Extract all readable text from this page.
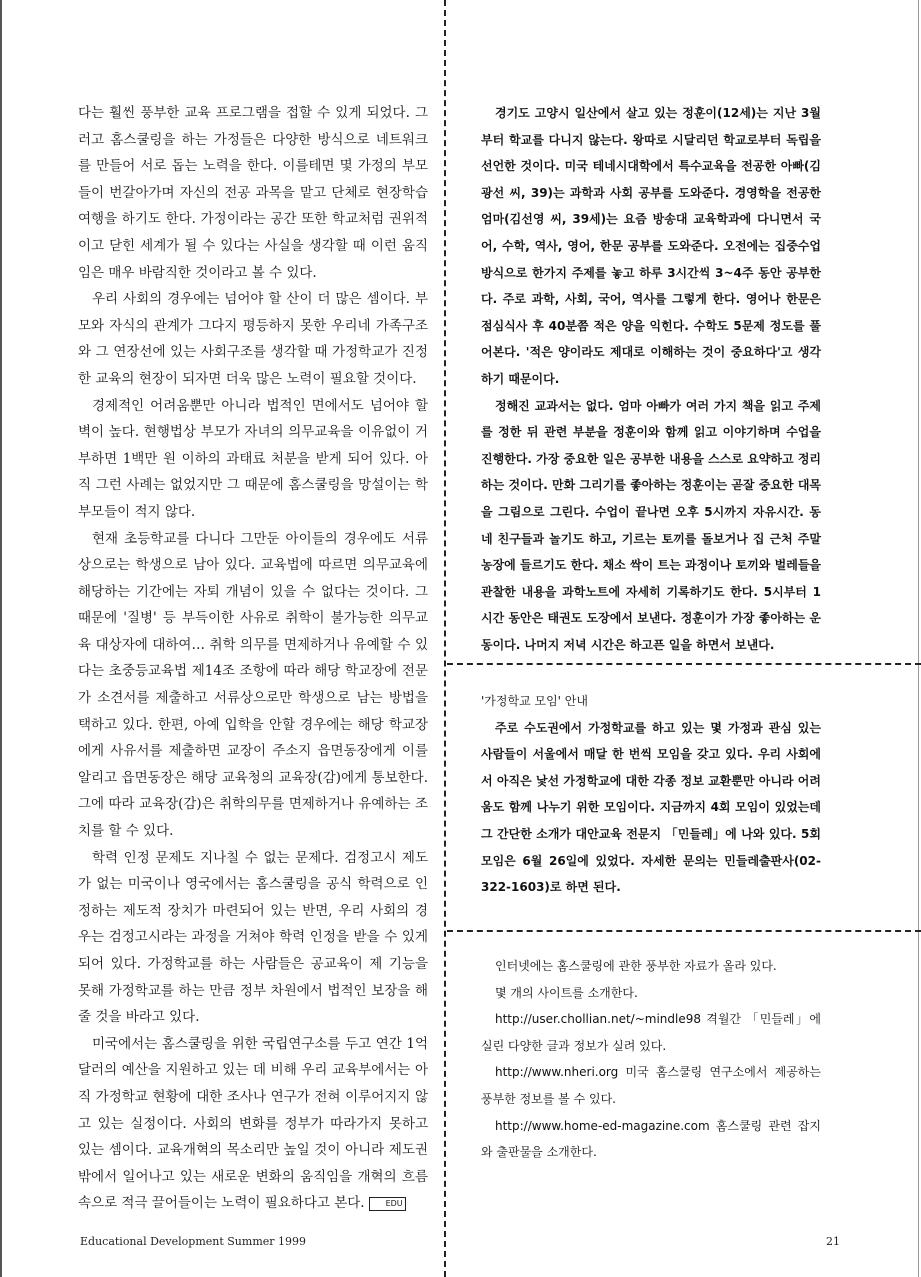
다는 훨씬 풍부한 교육 프로그램을 접할 수 있게 되었다. 그러고 홈스쿨링을 하는 가정들은 다양한 방식으로 네트워크를 만들어 서로 돕는 노력을 한다. 이를테면 몇 가정의 부모들이 번갈아가며 자신의 전공 과목을 맡고 단체로 현장학습 여행을 하기도 한다. 가정이라는 공간 또한 학교처럼 권위적이고 닫힌 세계가 될 수 있다는 사실을 생각할 때 이런 움직임은 매우 바람직한 것이라고 볼 수 있다.

우리 사회의 경우에는 넘어야 할 산이 더 많은 셈이다. 부모와 자식의 관계가 그다지 평등하지 못한 우리네 가족구조와 그 연장선에 있는 사회구조를 생각할 때 가정학교가 진정한 교육의 현장이 되자면 더욱 많은 노력이 필요할 것이다.

경제적인 어려움뿐만 아니라 법적인 면에서도 넘어야 할 벽이 높다. 현행법상 부모가 자녀의 의무교육을 이유없이 거부하면 1백만 원 이하의 과태료 처분을 받게 되어 있다. 아직 그런 사례는 없었지만 그 때문에 홈스쿨링을 망설이는 학부모들이 적지 않다.

현재 초등학교를 다니다 그만둔 아이들의 경우에도 서류상으로는 학생으로 남아 있다. 교육법에 따르면 의무교육에 해당하는 기간에는 자퇴 개념이 있을 수 없다는 것이다. 그 때문에 '질병' 등 부득이한 사유로 취학이 불가능한 의무교육 대상자에 대하여… 취학 의무를 면제하거나 유예할 수 있다는 초중등교육법 제14조 조항에 따라 해당 학교장에 전문가 소견서를 제출하고 서류상으로만 학생으로 남는 방법을 택하고 있다. 한편, 아예 입학을 안할 경우에는 해당 학교장에게 사유서를 제출하면 교장이 주소지 읍면동장에게 이를 알리고 읍면동장은 해당 교육청의 교육장(감)에게 통보한다. 그에 따라 교육장(감)은 취학의무를 면제하거나 유예하는 조치를 할 수 있다.

학력 인정 문제도 지나칠 수 없는 문제다. 검정고시 제도가 없는 미국이나 영국에서는 홈스쿨링을 공식 학력으로 인정하는 제도적 장치가 마련되어 있는 반면, 우리 사회의 경우는 검정고시라는 과정을 거쳐야 학력 인정을 받을 수 있게 되어 있다. 가정학교를 하는 사람들은 공교육이 제 기능을 못해 가정학교를 하는 만큼 정부 차원에서 법적인 보장을 해줄 것을 바라고 있다.

미국에서는 홈스쿨링을 위한 국립연구소를 두고 연간 1억달러의 예산을 지원하고 있는 데 비해 우리 교육부에서는 아직 가정학교 현황에 대한 조사나 연구가 전혀 이루어지지 않고 있는 실정이다. 사회의 변화를 정부가 따라가지 못하고 있는 셈이다. 교육개혁의 목소리만 높일 것이 아니라 제도권 밖에서 일어나고 있는 새로운 변화의 움직임을 개혁의 흐름 속으로 적극 끌어들이는 노력이 필요하다고 본다.	EDU

경기도 고양시 일산에서 살고 있는 정훈이(12세)는 지난 3월부터 학교를 다니지 않는다. 왕따로 시달리던 학교로부터 독립을 선언한 것이다. 미국 테네시대학에서 특수교육을 전공한 아빠(김광선 씨, 39)는 과학과 사회 공부를 도와준다. 경영학을 전공한 엄마(김선영 씨, 39세)는 요즘 방송대 교육학과에 다니면서 국어, 수학, 역사, 영어, 한문 공부를 도와준다. 오전에는 집중수업 방식으로 한가지 주제를 놓고 하루 3시간씩 3~4주 동안 공부한다. 주로 과학, 사회, 국어, 역사를 그렇게 한다. 영어나 한문은 점심식사 후 40분쯤 적은 양을 익힌다. 수학도 5문제 정도를 풀어본다. '적은 양이라도 제대로 이해하는 것이 중요하다'고 생각하기 때문이다.

정해진 교과서는 없다. 엄마 아빠가 여러 가지 책을 읽고 주제를 정한 뒤 관련 부분을 정훈이와 함께 읽고 이야기하며 수업을 진행한다. 가장 중요한 일은 공부한 내용을 스스로 요약하고 정리하는 것이다. 만화 그리기를 좋아하는 정훈이는 곧잘 중요한 대목을 그림으로 그린다. 수업이 끝나면 오후 5시까지 자유시간. 동네 친구들과 놀기도 하고, 기르는 토끼를 돌보거나 집 근처 주말농장에 들르기도 한다. 채소 싹이 트는 과정이나 토끼와 벌레들을 관찰한 내용을 과학노트에 자세히 기록하기도 한다. 5시부터 1시간 동안은 태권도 도장에서 보낸다. 정훈이가 가장 좋아하는 운동이다. 나머지 저녁 시간은 하고픈 일을 하면서 보낸다.

'가정학교 모임' 안내

주로 수도권에서 가정학교를 하고 있는 몇 가정과 관심 있는 사람들이 서울에서 매달 한 번씩 모임을 갖고 있다. 우리 사회에서 아직은 낯선 가정학교에 대한 각종 정보 교환뿐만 아니라 어려움도 함께 나누기 위한 모임이다. 지금까지 4회 모임이 있었는데 그 간단한 소개가 대안교육 전문지 「민들레」에 나와 있다. 5회 모임은 6월 26일에 있었다. 자세한 문의는 민들레출판사(02-322-1603)로 하면 된다.

인터넷에는 홈스쿨링에 관한 풍부한 자료가 올라 있다.

몇 개의 사이트를 소개한다.

http://user.chollian.net/~mindle98 격월간 「민들레」에 실린 다양한 글과 정보가 실려 있다.

http://www.nheri.org 미국 홈스쿨링 연구소에서 제공하는 풍부한 정보를 볼 수 있다.

http://www.home-ed-magazine.com 홈스쿨링 관련 잡지와 출판물을 소개한다.

Educational Development Summer 1999	21
